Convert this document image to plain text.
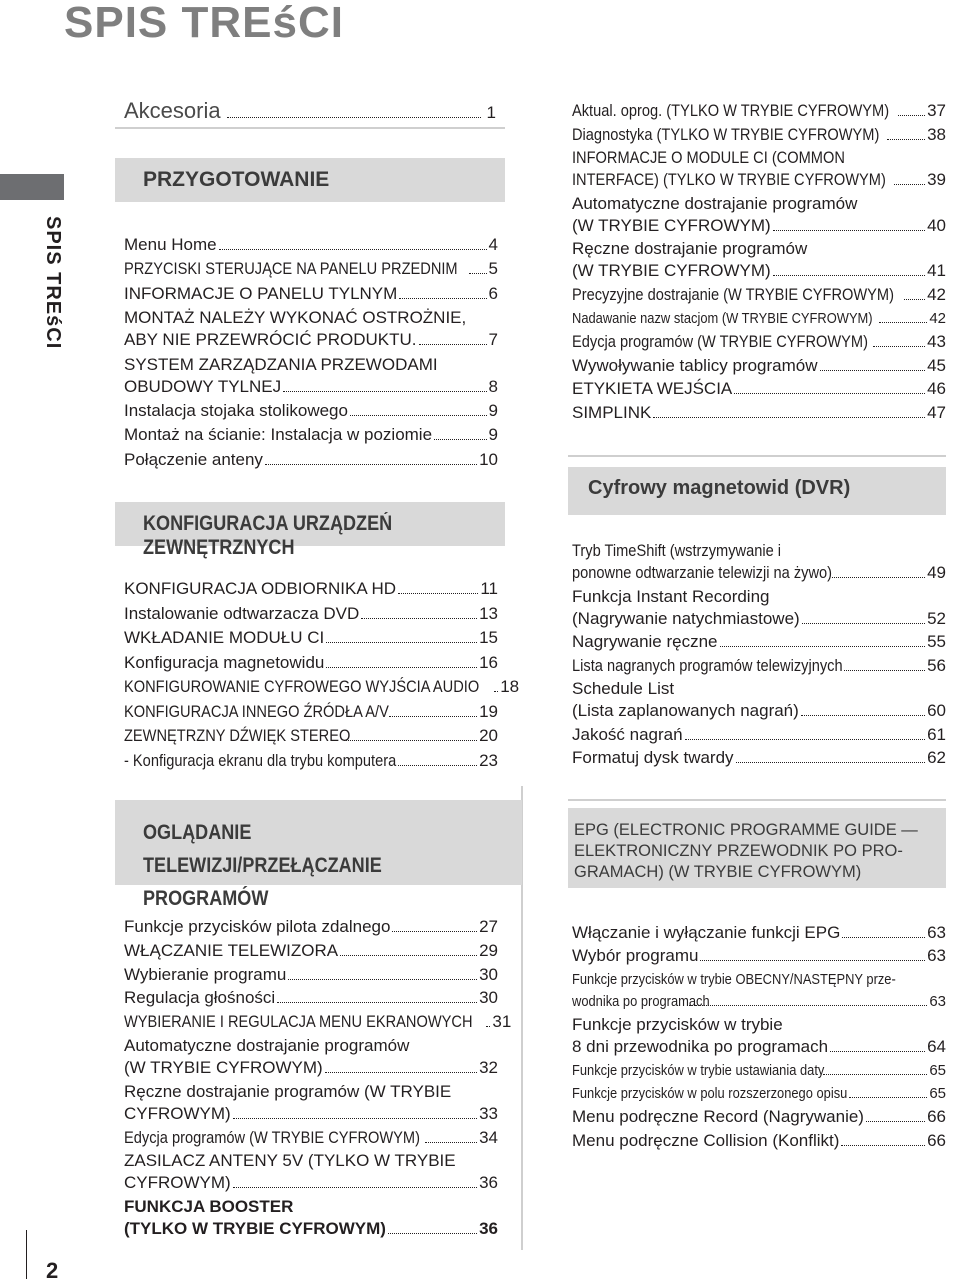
SPIS TREśCI
SPIS TREśCI
2
Akcesoria	1
PRZYGOTOWANIE
KONFIGURACJA URZĄDZEŃ ZEWNĘTRZNYCH
OGLĄDANIE TELEWIZJI/PRZEŁĄCZANIE
PROGRAMÓW
Cyfrowy magnetowid (DVR)
EPG (ELECTRONIC PROGRAMME GUIDE —
ELEKTRONICZNY PRZEWODNIK PO PRO-
GRAMACH) (W TRYBIE CYFROWYM)
Menu Home	4
PRZYCISKI STERUJĄCE NA PANELU PRZEDNIM 5
INFORMACJE O PANELU TYLNYM	6
MONTAŻ NALEŻY WYKONAĆ OSTROŻNIE,
ABY NIE PRZEWRÓCIĆ PRODUKTU.	7
SYSTEM ZARZĄDZANIA PRZEWODAMI
OBUDOWY TYLNEJ	8
Instalacja stojaka stolikowego	9
Montaż na ścianie: Instalacja w poziomie	9
Połączenie anteny	10
KONFIGURACJA ODBIORNIKA HD	11
Instalowanie odtwarzacza DVD	13
WKŁADANIE MODUŁU CI	15
Konfiguracja magnetowidu	16
KONFIGUROWANIE CYFROWEGO WYJŚCIA AUDIO 18
KONFIGURACJA INNEGO ŹRÓDŁA A/V	19
ZEWNĘTRZNY DŹWIĘK STEREO	20
- Konfiguracja ekranu dla trybu komputera	23
Funkcje przycisków pilota zdalnego	27
WŁĄCZANIE TELEWIZORA	29
Wybieranie programu	30
Regulacja głośności	30
WYBIERANIE I REGULACJA MENU EKRANOWYCH 31
Automatyczne dostrajanie programów
(W TRYBIE CYFROWYM)	32
Ręczne dostrajanie programów (W TRYBIE
CYFROWYM)	33
Edycja programów (W TRYBIE CYFROWYM)	34
ZASILACZ ANTENY 5V (TYLKO W TRYBIE
CYFROWYM)	36
FUNKCJA BOOSTER
(TYLKO W TRYBIE CYFROWYM)	36
Aktual. oprog. (TYLKO W TRYBIE CYFROWYM) 37
Diagnostyka (TYLKO W TRYBIE CYFROWYM)	38
INFORMACJE O MODULE CI (COMMON
INTERFACE) (TYLKO W TRYBIE CYFROWYM) 39
Automatyczne dostrajanie programów
(W TRYBIE CYFROWYM)	40
Ręczne dostrajanie programów
(W TRYBIE CYFROWYM)	41
Precyzyjne dostrajanie (W TRYBIE CYFROWYM) 42
Nadawanie nazw stacjom (W TRYBIE CYFROWYM)	42
Edycja programów (W TRYBIE CYFROWYM)	43
Wywoływanie tablicy programów	45
ETYKIETA WEJŚCIA	46
SIMPLINK	47
Tryb TimeShift (wstrzymywanie i
ponowne odtwarzanie telewizji na żywo)	49
Funkcja Instant Recording
(Nagrywanie natychmiastowe)	52
Nagrywanie ręczne	55
Lista nagranych programów telewizyjnych	56
Schedule List
(Lista zaplanowanych nagrań)	60
Jakość nagrań	61
Formatuj dysk twardy	62
Włączanie i wyłączanie funkcji EPG	63
Wybór programu	63
Funkcje przycisków w trybie OBECNY/NASTĘPNY prze-
wodnika po programach	63
Funkcje przycisków w trybie
8 dni przewodnika po programach	64
Funkcje przycisków w trybie ustawiania daty	65
Funkcje przycisków w polu rozszerzonego opisu	65
Menu podręczne Record (Nagrywanie)	66
Menu podręczne Collision (Konflikt)	66
